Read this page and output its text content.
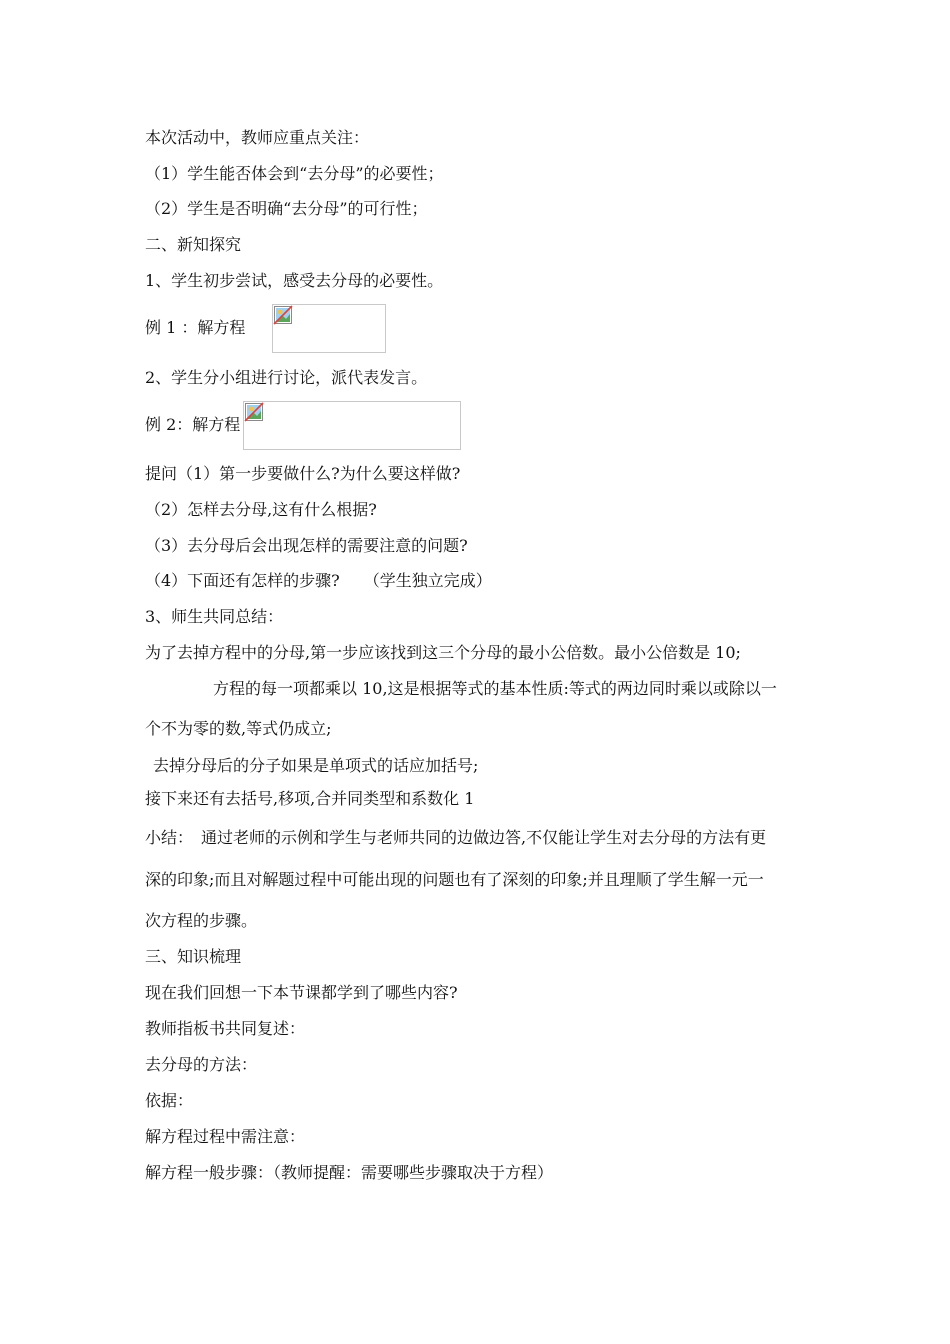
本次活动中，教师应重点关注：
（1）学生能否体会到“去分母”的必要性；
（2）学生是否明确“去分母”的可行性；
二、新知探究
1、学生初步尝试，感受去分母的必要性。
例 1 ：解方程
2、学生分小组进行讨论，派代表发言。
例 2：解方程
提问（1）第一步要做什么?为什么要这样做?
（2）怎样去分母,这有什么根据?
（3）去分母后会出现怎样的需要注意的问题?
（4）下面还有怎样的步骤?　　（学生独立完成）
3、师生共同总结：
为了去掉方程中的分母,第一步应该找到这三个分母的最小公倍数。最小公倍数是 10;
方程的每一项都乘以 10,这是根据等式的基本性质:等式的两边同时乘以或除以一
个不为零的数,等式仍成立;
去掉分母后的分子如果是单项式的话应加括号;
接下来还有去括号,移项,合并同类型和系数化 1
小结：　通过老师的示例和学生与老师共同的边做边答,不仅能让学生对去分母的方法有更
深的印象;而且对解题过程中可能出现的问题也有了深刻的印象;并且理顺了学生解一元一
次方程的步骤。
三、知识梳理
现在我们回想一下本节课都学到了哪些内容?
教师指板书共同复述：
去分母的方法：
依据：
解方程过程中需注意：
解方程一般步骤：（教师提醒：需要哪些步骤取决于方程）
